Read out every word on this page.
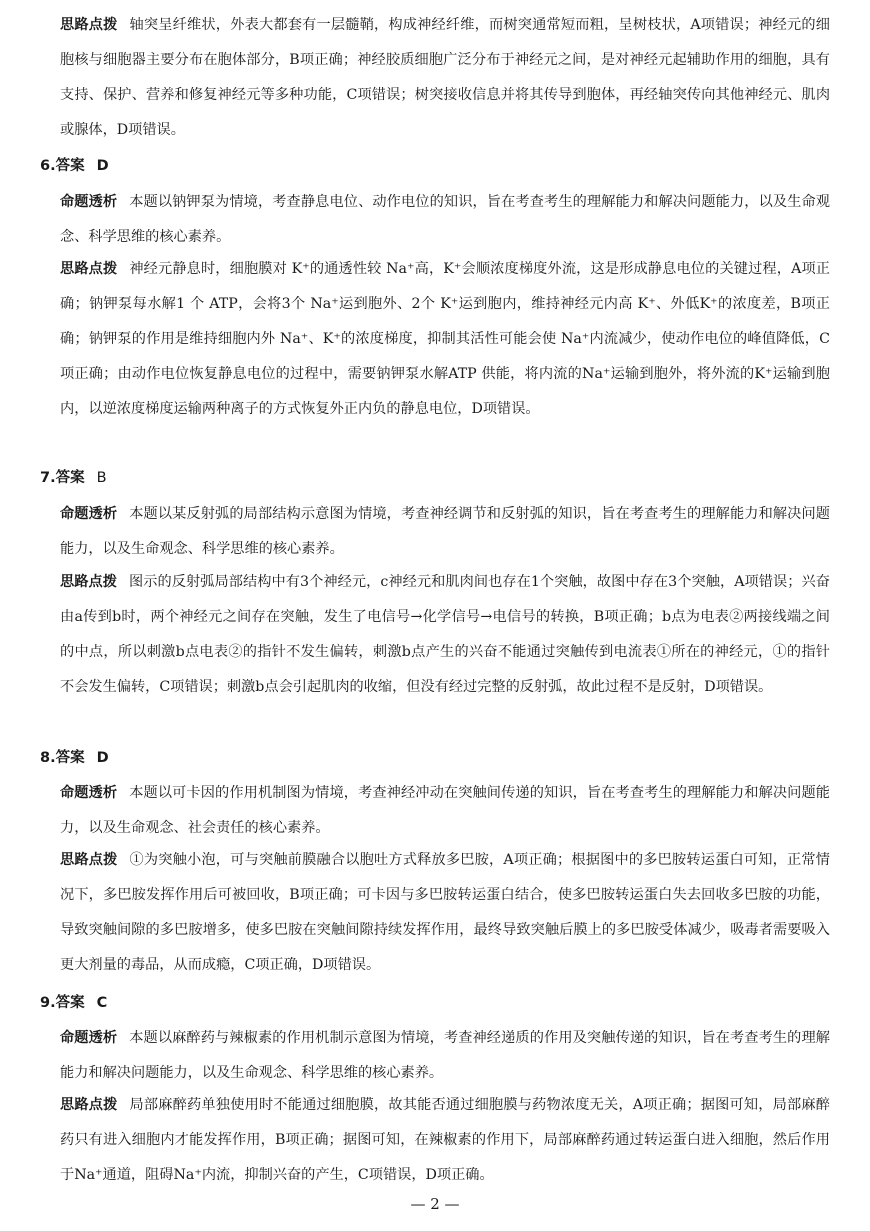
思路点拨 轴突呈纤维状，外表大都套有一层髓鞘，构成神经纤维，而树突通常短而粗，呈树枝状，A项错误；神经元的细胞核与细胞器主要分布在胞体部分，B项正确；神经胶质细胞广泛分布于神经元之间，是对神经元起辅助作用的细胞，具有支持、保护、营养和修复神经元等多种功能，C项错误；树突接收信息并将其传导到胞体，再经轴突传向其他神经元、肌肉或腺体，D项错误。

6.答案 D

命题透析 本题以钠钾泵为情境，考查静息电位、动作电位的知识，旨在考查考生的理解能力和解决问题能力，以及生命观念、科学思维的核心素养。

思路点拨 神经元静息时，细胞膜对 K⁺的通透性较 Na⁺高，K⁺会顺浓度梯度外流，这是形成静息电位的关键过程，A项正确；钠钾泵每水解1 个 ATP，会将3个 Na⁺运到胞外、2个 K⁺运到胞内，维持神经元内高 K⁺、外低K⁺的浓度差，B项正确；钠钾泵的作用是维持细胞内外 Na⁺、K⁺的浓度梯度，抑制其活性可能会使 Na⁺内流减少，使动作电位的峰值降低，C项正确；由动作电位恢复静息电位的过程中，需要钠钾泵水解ATP 供能，将内流的Na⁺运输到胞外，将外流的K⁺运输到胞内，以逆浓度梯度运输两种离子的方式恢复外正内负的静息电位，D项错误。

7.答案 B

命题透析 本题以某反射弧的局部结构示意图为情境，考查神经调节和反射弧的知识，旨在考查考生的理解能力和解决问题能力，以及生命观念、科学思维的核心素养。

思路点拨 图示的反射弧局部结构中有3个神经元，c神经元和肌肉间也存在1个突触，故图中存在3个突触，A项错误；兴奋由a传到b时，两个神经元之间存在突触，发生了电信号→化学信号→电信号的转换，B项正确；b点为电表②两接线端之间的中点，所以刺激b点电表②的指针不发生偏转，刺激b点产生的兴奋不能通过突触传到电流表①所在的神经元，①的指针不会发生偏转，C项错误；刺激b点会引起肌肉的收缩，但没有经过完整的反射弧，故此过程不是反射，D项错误。

8.答案 D

命题透析 本题以可卡因的作用机制图为情境，考查神经冲动在突触间传递的知识，旨在考查考生的理解能力和解决问题能力，以及生命观念、社会责任的核心素养。

思路点拨 ①为突触小泡，可与突触前膜融合以胞吐方式释放多巴胺，A项正确；根据图中的多巴胺转运蛋白可知，正常情况下，多巴胺发挥作用后可被回收，B项正确；可卡因与多巴胺转运蛋白结合，使多巴胺转运蛋白失去回收多巴胺的功能，导致突触间隙的多巴胺增多，使多巴胺在突触间隙持续发挥作用，最终导致突触后膜上的多巴胺受体减少，吸毒者需要吸入更大剂量的毒品，从而成瘾，C项正确，D项错误。

9.答案 C

命题透析 本题以麻醉药与辣椒素的作用机制示意图为情境，考查神经递质的作用及突触传递的知识，旨在考查考生的理解能力和解决问题能力，以及生命观念、科学思维的核心素养。

思路点拨 局部麻醉药单独使用时不能通过细胞膜，故其能否通过细胞膜与药物浓度无关，A项正确；据图可知，局部麻醉药只有进入细胞内才能发挥作用，B项正确；据图可知，在辣椒素的作用下，局部麻醉药通过转运蛋白进入细胞，然后作用于Na⁺通道，阻碍Na⁺内流，抑制兴奋的产生，C项错误，D项正确。

— 2 —
